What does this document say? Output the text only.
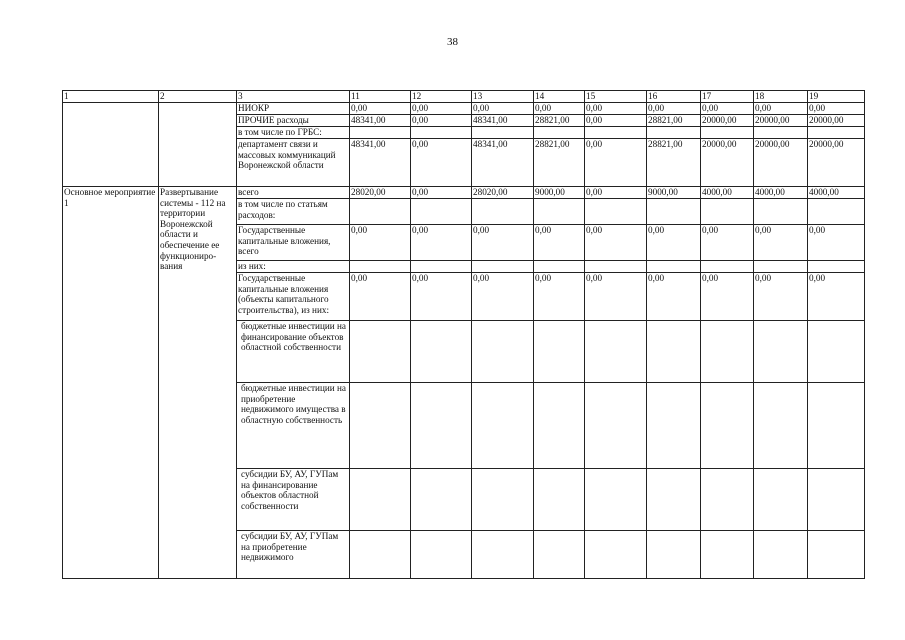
38
1	2	3	11	12	13	14	15	16	17	18	19
		НИОКР	0,00	0,00	0,00	0,00	0,00	0,00	0,00	0,00	0,00
		ПРОЧИЕ расходы	48341,00	0,00	48341,00	28821,00	0,00	28821,00	20000,00	20000,00	20000,00
		в том числе по ГРБС:									
		департамент связи и массовых коммуникаций Воронежской области	48341,00	0,00	48341,00	28821,00	0,00	28821,00	20000,00	20000,00	20000,00
Основное мероприятие 1	Развертывание системы - 112 на территории Воронежской области и обеспечение ее функциониро-вания	всего	28020,00	0,00	28020,00	9000,00	0,00	9000,00	4000,00	4000,00	4000,00
		в том числе по статьям расходов:									
		Государственные капитальные вложения, всего	0,00	0,00	0,00	0,00	0,00	0,00	0,00	0,00	0,00
		из них:									
		Государственные капитальные вложения (объекты капитального строительства), из них:	0,00	0,00	0,00	0,00	0,00	0,00	0,00	0,00	0,00
		бюджетные инвестиции на финансирование объектов областной собственности									
		бюджетные инвестиции на приобретение недвижимого имущества в областную собственность									
		субсидии БУ, АУ, ГУПам на финансирование объектов областной собственности									
		субсидии БУ, АУ, ГУПам на приобретение недвижимого									
